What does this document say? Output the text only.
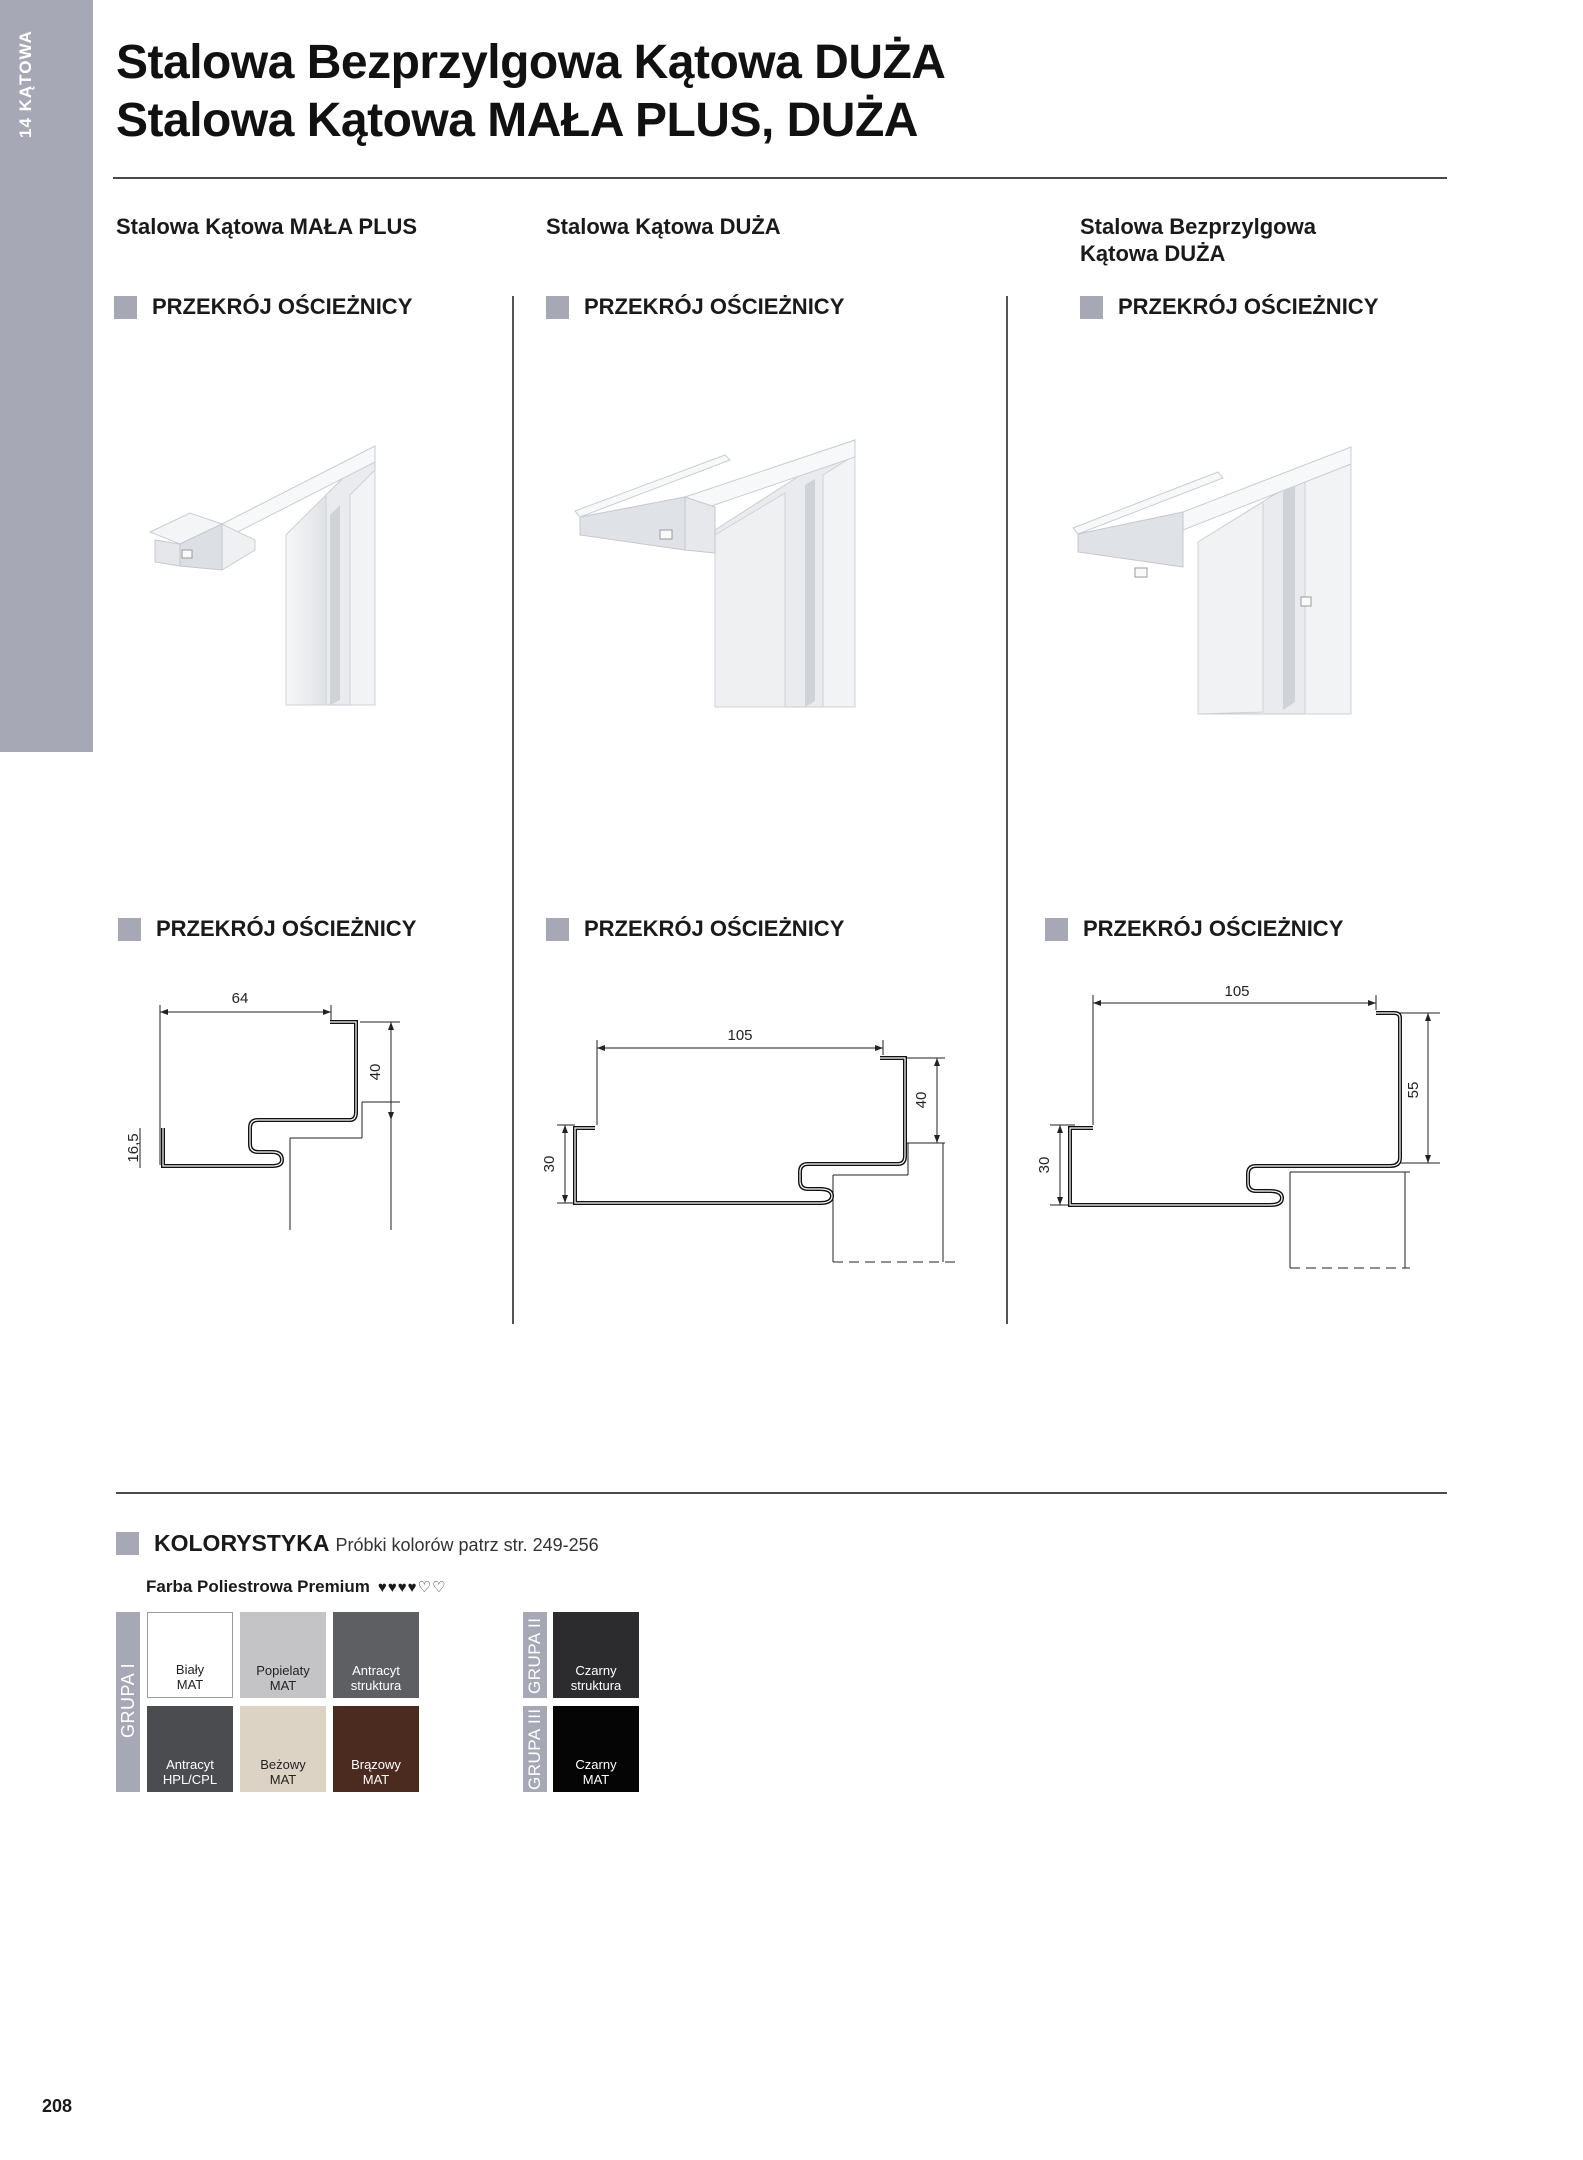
14 KĄTOWA Stalowa Bezprzylgowa Kątowa DUŻA
Stalowa Kątowa MAŁA PLUS, DUŻA
Stalowa Kątowa MAŁA PLUS	Stalowa Kątowa DUŻA	Stalowa Bezprzylgowa
Kątowa DUŻA
PRZEKRÓJ OŚCIEŻNICY	PRZEKRÓJ OŚCIEŻNICY	PRZEKRÓJ OŚCIEŻNICY
PRZEKRÓJ OŚCIEŻNICY	PRZEKRÓJ OŚCIEŻNICY	PRZEKRÓJ OŚCIEŻNICY
64
40
16,5
105
40
30
105
55
30
KOLORYSTYKA Próbki kolorów patrz str. 249-256
Farba Poliestrowa Premium ♥♥♥♥♡♡
GRUPA I
GRUPA II
GRUPA III
Biały
MAT
Popielaty
MAT
Antracyt
struktura
Antracyt
HPL/CPL
Beżowy
MAT
Brązowy
MAT
Czarny
struktura
Czarny
MAT
208
